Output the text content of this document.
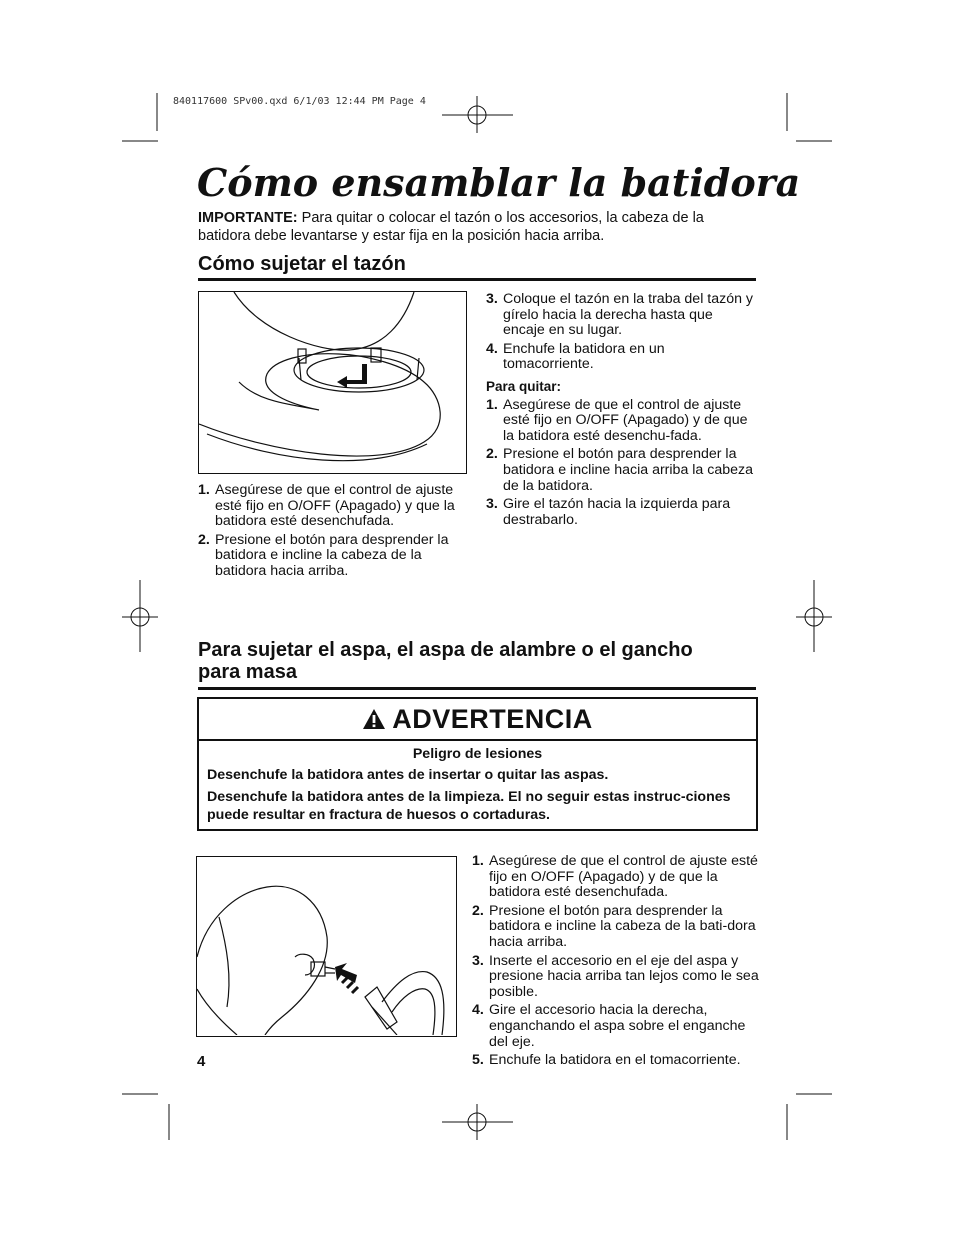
840117600 SPv00.qxd 6/1/03 12:44 PM Page 4
Cómo ensamblar la batidora
IMPORTANTE: Para quitar o colocar el tazón o los accesorios, la cabeza de la batidora debe levantarse y estar fija en la posición hacia arriba.
Cómo sujetar el tazón
1. Asegúrese de que el control de ajuste esté fijo en O/OFF (Apagado) y que la batidora esté desenchufada.
2. Presione el botón para desprender la batidora e incline la cabeza de la batidora hacia arriba.
3. Coloque el tazón en la traba del tazón y gírelo hacia la derecha hasta que encaje en su lugar.
4. Enchufe la batidora en un tomacorriente.
Para quitar:
1. Asegúrese de que el control de ajuste esté fijo en O/OFF (Apagado) y de que la batidora esté desenchu-fada.
2. Presione el botón para desprender la batidora e incline hacia arriba la cabeza de la batidora.
3. Gire el tazón hacia la izquierda para destrabarlo.
Para sujetar el aspa, el aspa de alambre o el gancho para masa
ADVERTENCIA
Peligro de lesiones

Desenchufe la batidora antes de insertar o quitar las aspas.

Desenchufe la batidora antes de la limpieza. El no seguir estas instruc-ciones puede resultar en fractura de huesos o cortaduras.

1. Asegúrese de que el control de ajuste esté fijo en O/OFF (Apagado) y de que la batidora esté desenchufada.
2. Presione el botón para desprender la batidora e incline la cabeza de la bati-dora hacia arriba.
3. Inserte el accesorio en el eje del aspa y presione hacia arriba tan lejos como le sea posible.
4. Gire el accesorio hacia la derecha, enganchando el aspa sobre el enganche del eje.
5. Enchufe la batidora en el tomacorriente.
4
